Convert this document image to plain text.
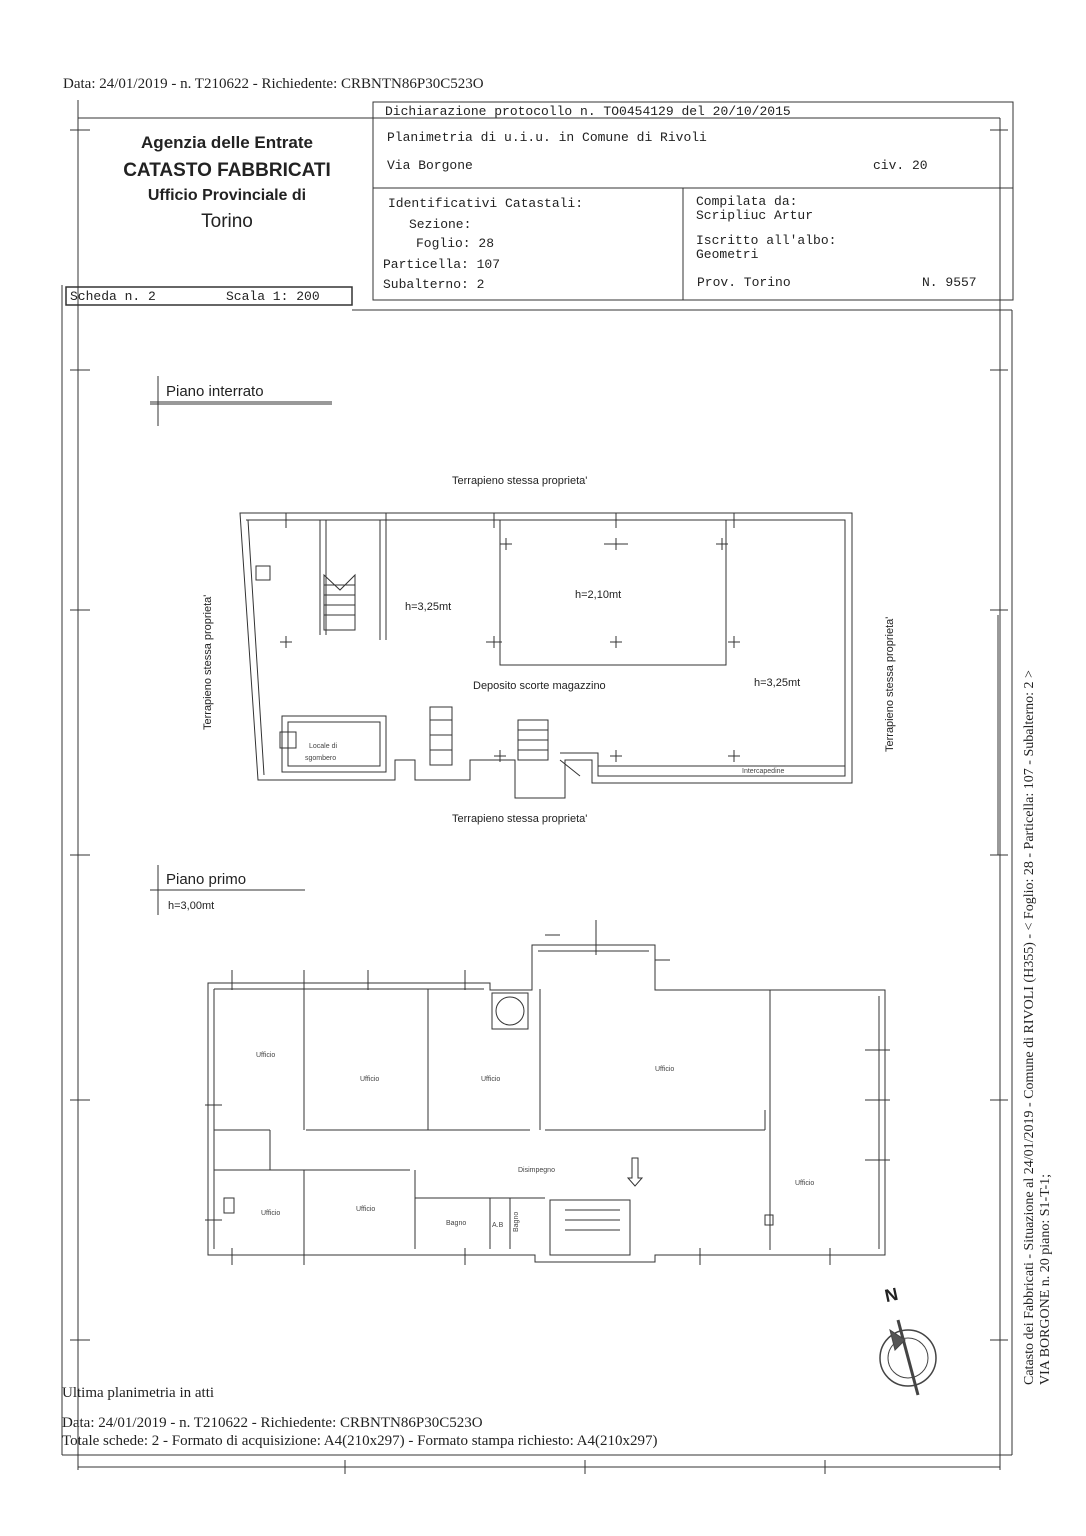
Data: 24/01/2019 - n. T210622 - Richiedente: CRBNTN86P30C523O
Agenzia delle Entrate
CATASTO FABBRICATI
Ufficio Provinciale di
Torino
Dichiarazione protocollo n. TO0454129 del 20/10/2015
Planimetria di u.i.u. in Comune di Rivoli
Via Borgone	civ. 20
Identificativi Catastali:
Sezione:
Foglio: 28
Particella: 107
Subalterno: 2
Compilata da:
Scripliuc Artur
Iscritto all'albo:
Geometri
Prov. Torino	N. 9557
Scheda n. 2	Scala 1: 200
Piano interrato
Terrapieno stessa proprieta'
Terrapieno stessa proprieta'
Terrapieno stessa proprieta'	Terrapieno stessa proprieta'
h=3,25mt
h=2,10mt
h=3,25mt
Deposito scorte magazzino
Locale di
sgombero
Intercapedine
Piano primo
h=3,00mt
Ufficio
Ufficio	Ufficio
Ufficio
Ufficio
Ufficio
Ufficio
Disimpegno
Bagno	Bagno
A.B
N	Catasto dei Fabbricati - Situazione al 24/01/2019 - Comune di RIVOLI (H355) - < Foglio: 28 - Particella: 107 - Subalterno: 2 > VIA BORGONE n. 20 piano: S1-T-1;
Ultima planimetria in atti
Data: 24/01/2019 - n. T210622 - Richiedente: CRBNTN86P30C523O
Totale schede: 2 - Formato di acquisizione: A4(210x297) - Formato stampa richiesto: A4(210x297)
